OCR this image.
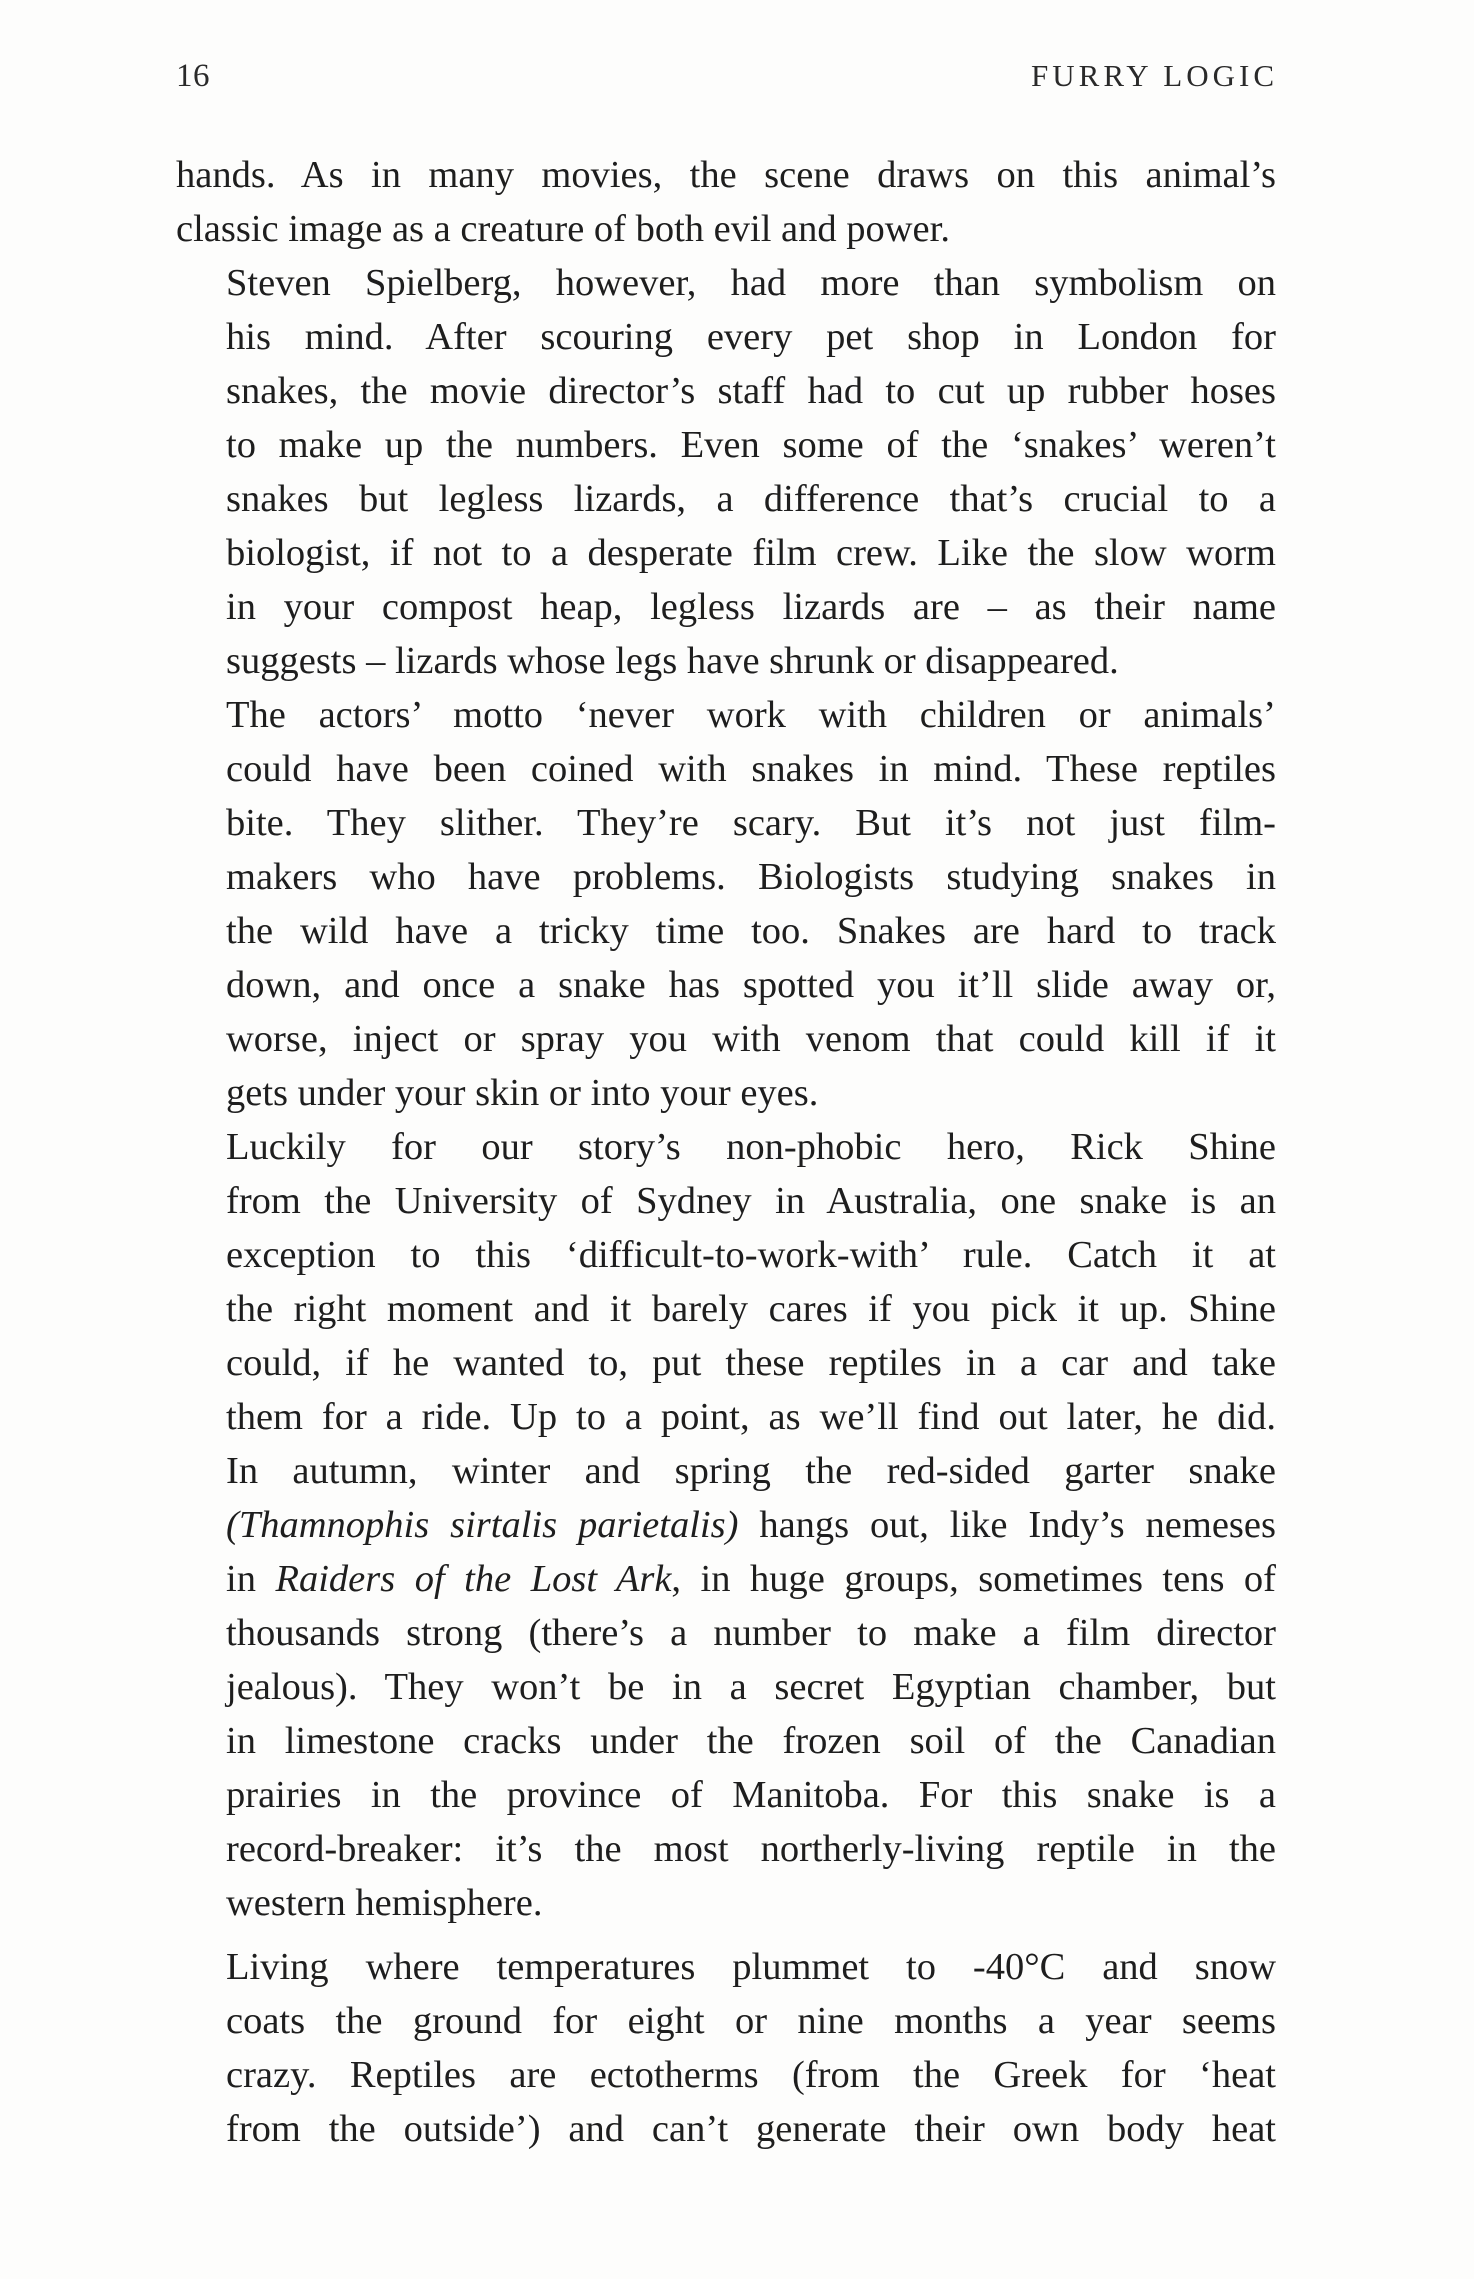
16	FURRY LOGIC

hands. As in many movies, the scene draws on this animal’s
classic image as a creature of both evil and power.

Steven Spielberg, however, had more than symbolism on
his mind. After scouring every pet shop in London for
snakes, the movie director’s staff had to cut up rubber hoses
to make up the numbers. Even some of the ‘snakes’ weren’t
snakes but legless lizards, a difference that’s crucial to a
biologist, if not to a desperate film crew. Like the slow worm
in your compost heap, legless lizards are – as their name
suggests – lizards whose legs have shrunk or disappeared.

The actors’ motto ‘never work with children or animals’
could have been coined with snakes in mind. These reptiles
bite. They slither. They’re scary. But it’s not just film-
makers who have problems. Biologists studying snakes in
the wild have a tricky time too. Snakes are hard to track
down, and once a snake has spotted you it’ll slide away or,
worse, inject or spray you with venom that could kill if it
gets under your skin or into your eyes.

Luckily for our story’s non-phobic hero, Rick Shine
from the University of Sydney in Australia, one snake is an
exception to this ‘difficult-to-work-with’ rule. Catch it at
the right moment and it barely cares if you pick it up. Shine
could, if he wanted to, put these reptiles in a car and take
them for a ride. Up to a point, as we’ll find out later, he did.
In autumn, winter and spring the red-sided garter snake
(Thamnophis sirtalis parietalis) hangs out, like Indy’s nemeses
in Raiders of the Lost Ark, in huge groups, sometimes tens of
thousands strong (there’s a number to make a film director
jealous). They won’t be in a secret Egyptian chamber, but
in limestone cracks under the frozen soil of the Canadian
prairies in the province of Manitoba. For this snake is a
record-breaker: it’s the most northerly-living reptile in the
western hemisphere.

Living where temperatures plummet to -40°C and snow
coats the ground for eight or nine months a year seems
crazy. Reptiles are ectotherms (from the Greek for ‘heat
from the outside’) and can’t generate their own body heat
